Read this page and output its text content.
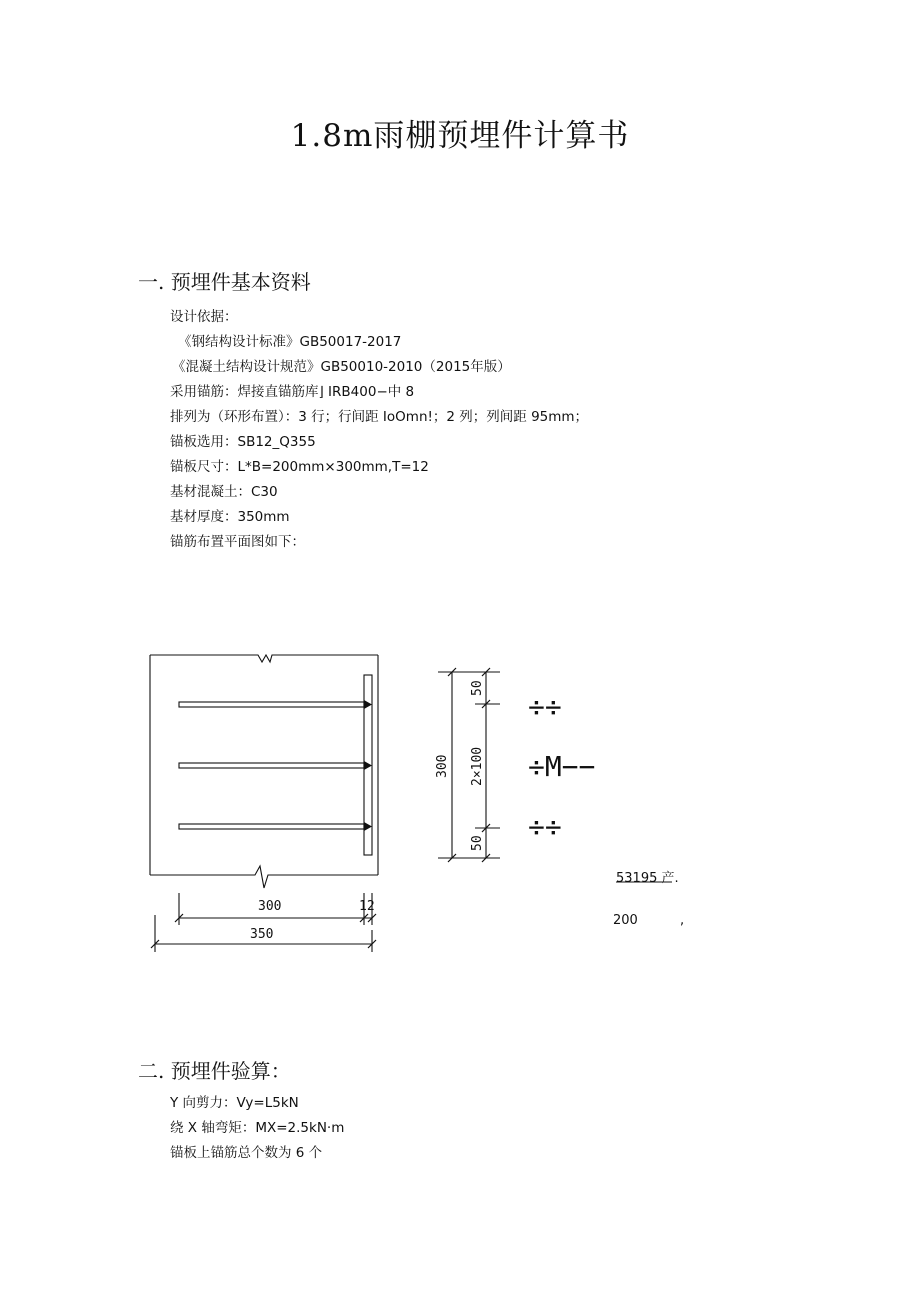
1.8m雨棚预埋件计算书
一. 预埋件基本资料
设计依据：
《钢结构设计标准》GB50017-2017
《混凝土结构设计规范》GB50010-2010（2015年版）
采用锚筋：焊接直锚筋库⌋ IRB400−中 8
排列为（环形布置）：3 行；行间距 IoOmn!；2 列；列间距 95mm；
锚板选用：SB12_Q355
锚板尺寸：L*B=200mm×300mm,T=12
基材混凝土：C30
基材厚度：350mm
锚筋布置平面图如下：
300	12
350
300
50
2×100
50
÷÷
÷M−−
÷÷
53195 产.
200	,
二. 预埋件验算：
Y 向剪力：Vy=L5kN
绕 X 轴弯矩：MX=2.5kN·m
锚板上锚筋总个数为 6 个
